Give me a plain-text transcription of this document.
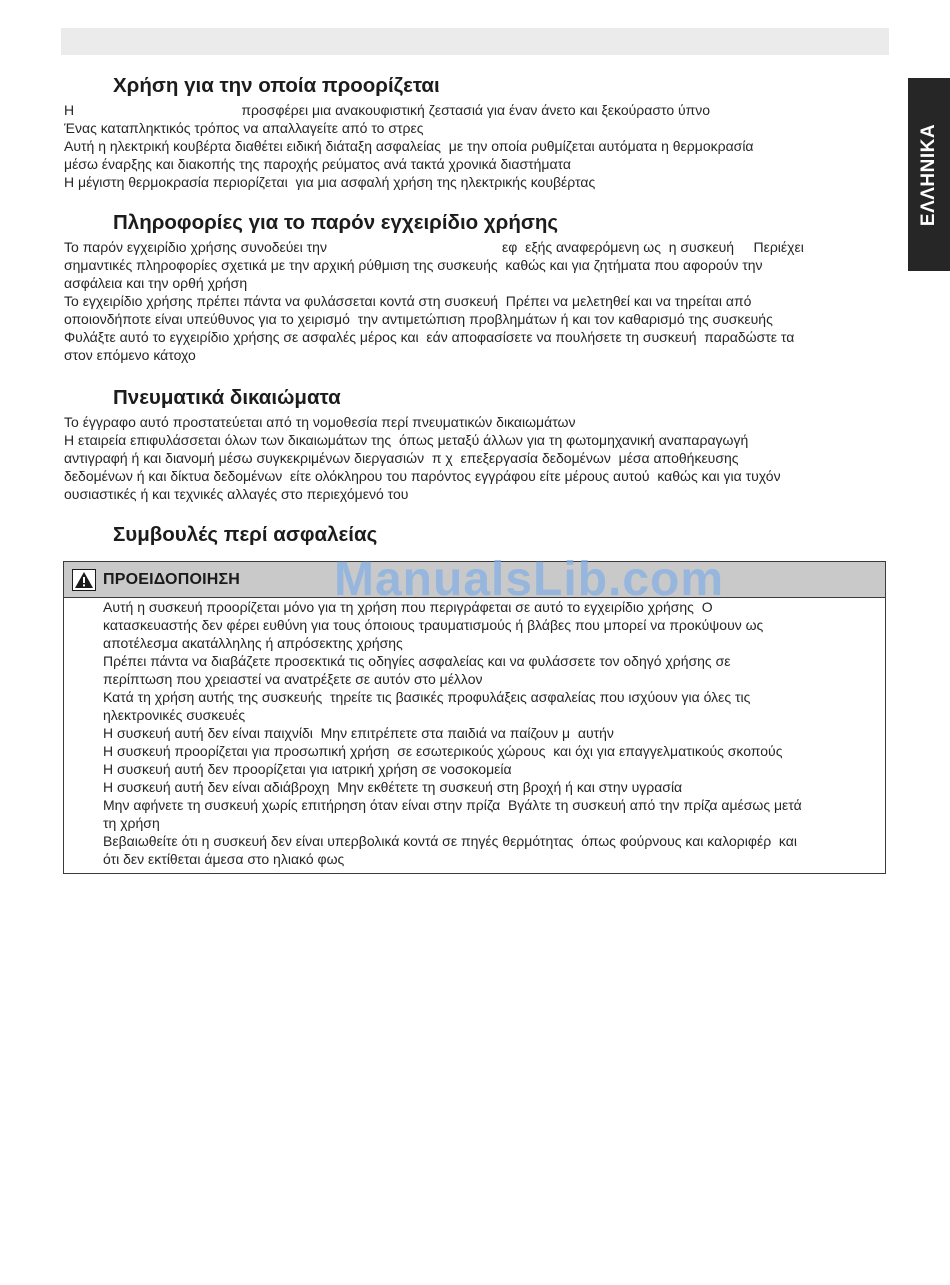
ΕΛΛΗΝΙΚΑ
Χρήση για την οποία προορίζεται
Η                                           προσφέρει μια ανακουφιστική ζεστασιά για έναν άνετο και ξεκούραστο ύπνο
Ένας καταπληκτικός τρόπος να απαλλαγείτε από το στρες
Αυτή η ηλεκτρική κουβέρτα διαθέτει ειδική διάταξη ασφαλείας  με την οποία ρυθμίζεται αυτόματα η θερμοκρασία
μέσω έναρξης και διακοπής της παροχής ρεύματος ανά τακτά χρονικά διαστήματα
Η μέγιστη θερμοκρασία περιορίζεται  για μια ασφαλή χρήση της ηλεκτρικής κουβέρτας
Πληροφορίες για το παρόν εγχειρίδιο χρήσης
Το παρόν εγχειρίδιο χρήσης συνοδεύει την                                             εφ  εξής αναφερόμενη ως  η συσκευή     Περιέχει
σημαντικές πληροφορίες σχετικά με την αρχική ρύθμιση της συσκευής  καθώς και για ζητήματα που αφορούν την
ασφάλεια και την ορθή χρήση
Το εγχειρίδιο χρήσης πρέπει πάντα να φυλάσσεται κοντά στη συσκευή  Πρέπει να μελετηθεί και να τηρείται από
οποιονδήποτε είναι υπεύθυνος για το χειρισμό  την αντιμετώπιση προβλημάτων ή και τον καθαρισμό της συσκευής
Φυλάξτε αυτό το εγχειρίδιο χρήσης σε ασφαλές μέρος και  εάν αποφασίσετε να πουλήσετε τη συσκευή  παραδώστε τα
στον επόμενο κάτοχο
Πνευματικά δικαιώματα
Το έγγραφο αυτό προστατεύεται από τη νομοθεσία περί πνευματικών δικαιωμάτων
Η εταιρεία επιφυλάσσεται όλων των δικαιωμάτων της  όπως μεταξύ άλλων για τη φωτομηχανική αναπαραγωγή
αντιγραφή ή και διανομή μέσω συγκεκριμένων διεργασιών  π χ  επεξεργασία δεδομένων  μέσα αποθήκευσης
δεδομένων ή και δίκτυα δεδομένων  είτε ολόκληρου του παρόντος εγγράφου είτε μέρους αυτού  καθώς και για τυχόν
ουσιαστικές ή και τεχνικές αλλαγές στο περιεχόμενό του
Συμβουλές περί ασφαλείας
ΠΡΟΕΙΔΟΠΟΙΗΣΗ ManualsLib.com
Αυτή η συσκευή προορίζεται μόνο για τη χρήση που περιγράφεται σε αυτό το εγχειρίδιο χρήσης  Ο
κατασκευαστής δεν φέρει ευθύνη για τους όποιους τραυματισμούς ή βλάβες που μπορεί να προκύψουν ως
αποτέλεσμα ακατάλληλης ή απρόσεκτης χρήσης
Πρέπει πάντα να διαβάζετε προσεκτικά τις οδηγίες ασφαλείας και να φυλάσσετε τον οδηγό χρήσης σε
περίπτωση που χρειαστεί να ανατρέξετε σε αυτόν στο μέλλον
Κατά τη χρήση αυτής της συσκευής  τηρείτε τις βασικές προφυλάξεις ασφαλείας που ισχύουν για όλες τις
ηλεκτρονικές συσκευές
Η συσκευή αυτή δεν είναι παιχνίδι  Μην επιτρέπετε στα παιδιά να παίζουν μ  αυτήν
Η συσκευή προορίζεται για προσωπική χρήση  σε εσωτερικούς χώρους  και όχι για επαγγελματικούς σκοπούς
Η συσκευή αυτή δεν προορίζεται για ιατρική χρήση σε νοσοκομεία
Η συσκευή αυτή δεν είναι αδιάβροχη  Μην εκθέτετε τη συσκευή στη βροχή ή και στην υγρασία
Μην αφήνετε τη συσκευή χωρίς επιτήρηση όταν είναι στην πρίζα  Βγάλτε τη συσκευή από την πρίζα αμέσως μετά
τη χρήση
Βεβαιωθείτε ότι η συσκευή δεν είναι υπερβολικά κοντά σε πηγές θερμότητας  όπως φούρνους και καλοριφέρ  και
ότι δεν εκτίθεται άμεσα στο ηλιακό φως
